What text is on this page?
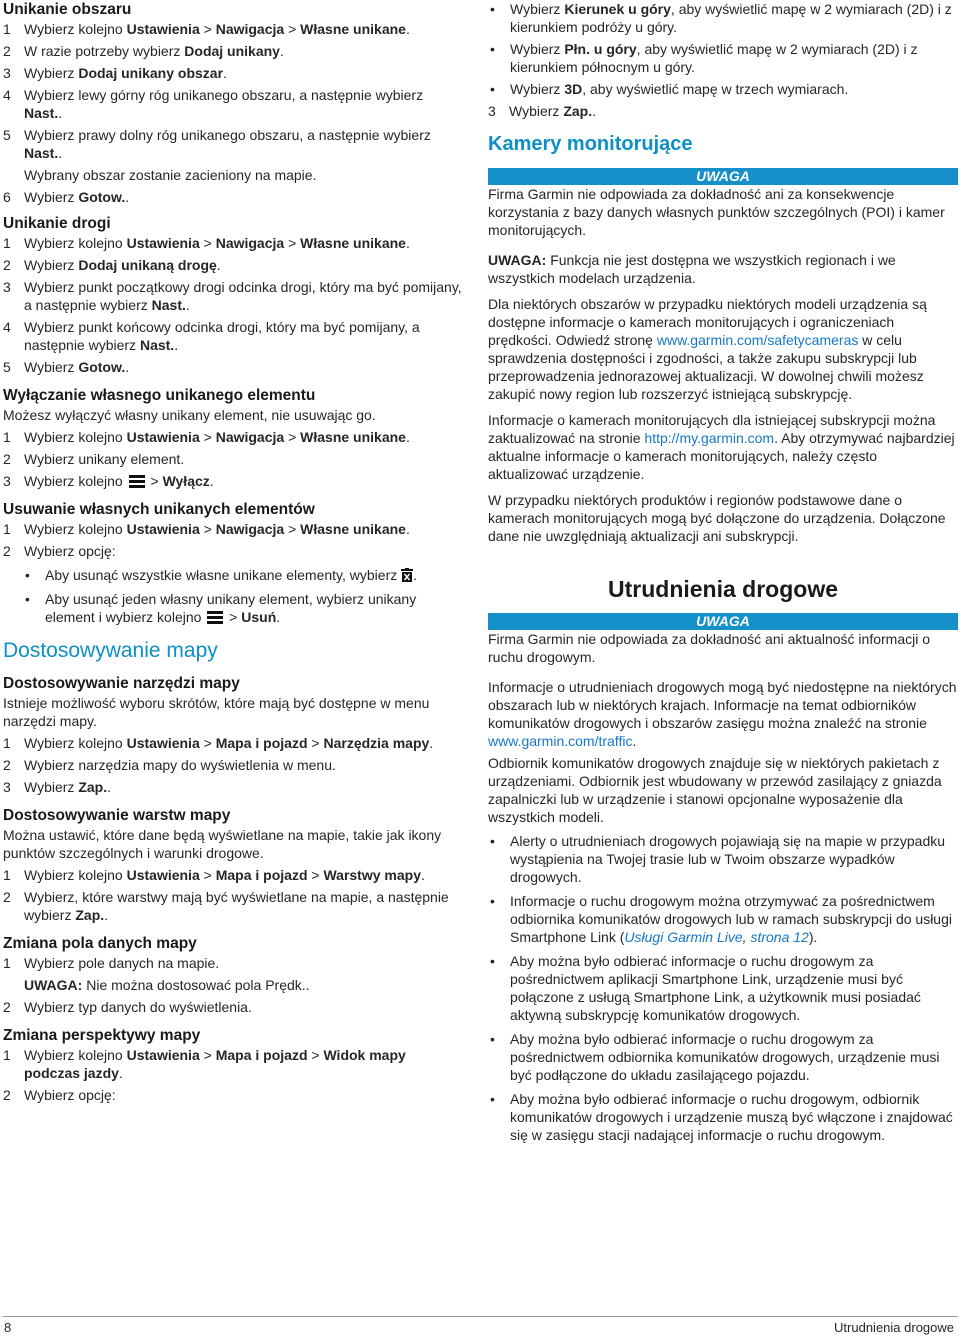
Unikanie obszaru
1 Wybierz kolejno Ustawienia > Nawigacja > Własne unikane.
2 W razie potrzeby wybierz Dodaj unikany.
3 Wybierz Dodaj unikany obszar.
4 Wybierz lewy górny róg unikanego obszaru, a następnie wybierz Nast..
5 Wybierz prawy dolny róg unikanego obszaru, a następnie wybierz Nast..
Wybrany obszar zostanie zacieniony na mapie.
6 Wybierz Gotow..
Unikanie drogi
1 Wybierz kolejno Ustawienia > Nawigacja > Własne unikane.
2 Wybierz Dodaj unikaną drogę.
3 Wybierz punkt początkowy drogi odcinka drogi, który ma być pomijany, a następnie wybierz Nast..
4 Wybierz punkt końcowy odcinka drogi, który ma być pomijany, a następnie wybierz Nast..
5 Wybierz Gotow..
Wyłączanie własnego unikanego elementu

Możesz wyłączyć własny unikany element, nie usuwając go.

1 Wybierz kolejno Ustawienia > Nawigacja > Własne unikane.
2 Wybierz unikany element.
3 Wybierz kolejno
> Wyłącz.
Usuwanie własnych unikanych elementów
1 Wybierz kolejno Ustawienia > Nawigacja > Własne unikane.
2 Wybierz opcję:
• Aby usunąć wszystkie własne unikane elementy, wybierz .
• Aby usunąć jeden własny unikany element, wybierz unikany element i wybierz kolejno
> Usuń.
Dostosowywanie mapy
Dostosowywanie narzędzi mapy

Istnieje możliwość wyboru skrótów, które mają być dostępne w menu narzędzi mapy.

1 Wybierz kolejno Ustawienia > Mapa i pojazd > Narzędzia mapy.
2 Wybierz narzędzia mapy do wyświetlenia w menu.
3 Wybierz Zap..
Dostosowywanie warstw mapy

Można ustawić, które dane będą wyświetlane na mapie, takie jak ikony punktów szczególnych i warunki drogowe.

1 Wybierz kolejno Ustawienia > Mapa i pojazd > Warstwy mapy.
2 Wybierz, które warstwy mają być wyświetlane na mapie, a następnie wybierz Zap..
Zmiana pola danych mapy
1 Wybierz pole danych na mapie.
UWAGA: Nie można dostosować pola Prędk..
2 Wybierz typ danych do wyświetlenia.
Zmiana perspektywy mapy
1 Wybierz kolejno Ustawienia > Mapa i pojazd > Widok mapy podczas jazdy.
2 Wybierz opcję:
• Wybierz Kierunek u góry, aby wyświetlić mapę w 2 wymiarach (2D) i z kierunkiem podróży u góry.
• Wybierz Płn. u góry, aby wyświetlić mapę w 2 wymiarach (2D) i z kierunkiem północnym u góry.
• Wybierz 3D, aby wyświetlić mapę w trzech wymiarach.
3 Wybierz Zap..
Kamery monitorujące
UWAGA

Firma Garmin nie odpowiada za dokładność ani za konsekwencje korzystania z bazy danych własnych punktów szczególnych (POI) i kamer monitorujących.

UWAGA: Funkcja nie jest dostępna we wszystkich regionach i we wszystkich modelach urządzenia.

Dla niektórych obszarów w przypadku niektórych modeli urządzenia są dostępne informacje o kamerach monitorujących i ograniczeniach prędkości. Odwiedź stronę www.garmin.com/safetycameras w celu sprawdzenia dostępności i zgodności, a także zakupu subskrypcji lub przeprowadzenia jednorazowej aktualizacji. W dowolnej chwili możesz zakupić nowy region lub rozszerzyć istniejącą subskrypcję.

Informacje o kamerach monitorujących dla istniejącej subskrypcji można zaktualizować na stronie http://my.garmin.com. Aby otrzymywać najbardziej aktualne informacje o kamerach monitorujących, należy często aktualizować urządzenie.

W przypadku niektórych produktów i regionów podstawowe dane o kamerach monitorujących mogą być dołączone do urządzenia. Dołączone dane nie uwzględniają aktualizacji ani subskrypcji.

Utrudnienia drogowe
UWAGA

Firma Garmin nie odpowiada za dokładność ani aktualność informacji o ruchu drogowym.

Informacje o utrudnieniach drogowych mogą być niedostępne na niektórych obszarach lub w niektórych krajach. Informacje na temat odbiorników komunikatów drogowych i obszarów zasięgu można znaleźć na stronie www.garmin.com/traffic.

Odbiornik komunikatów drogowych znajduje się w niektórych pakietach z urządzeniami. Odbiornik jest wbudowany w przewód zasilający z gniazda zapalniczki lub w urządzenie i stanowi opcjonalne wyposażenie dla wszystkich modeli.

• Alerty o utrudnieniach drogowych pojawiają się na mapie w przypadku wystąpienia na Twojej trasie lub w Twoim obszarze wypadków drogowych.
• Informacje o ruchu drogowym można otrzymywać za pośrednictwem odbiornika komunikatów drogowych lub w ramach subskrypcji do usługi Smartphone Link (Usługi Garmin Live, strona 12).
• Aby można było odbierać informacje o ruchu drogowym za pośrednictwem aplikacji Smartphone Link, urządzenie musi być połączone z usługą Smartphone Link, a użytkownik musi posiadać aktywną subskrypcję komunikatów drogowych.
• Aby można było odbierać informacje o ruchu drogowym za pośrednictwem odbiornika komunikatów drogowych, urządzenie musi być podłączone do układu zasilającego pojazdu.
• Aby można było odbierać informacje o ruchu drogowym, odbiornik komunikatów drogowych i urządzenie muszą być włączone i znajdować się w zasięgu stacji nadającej informacje o ruchu drogowym.
8	Utrudnienia drogowe
